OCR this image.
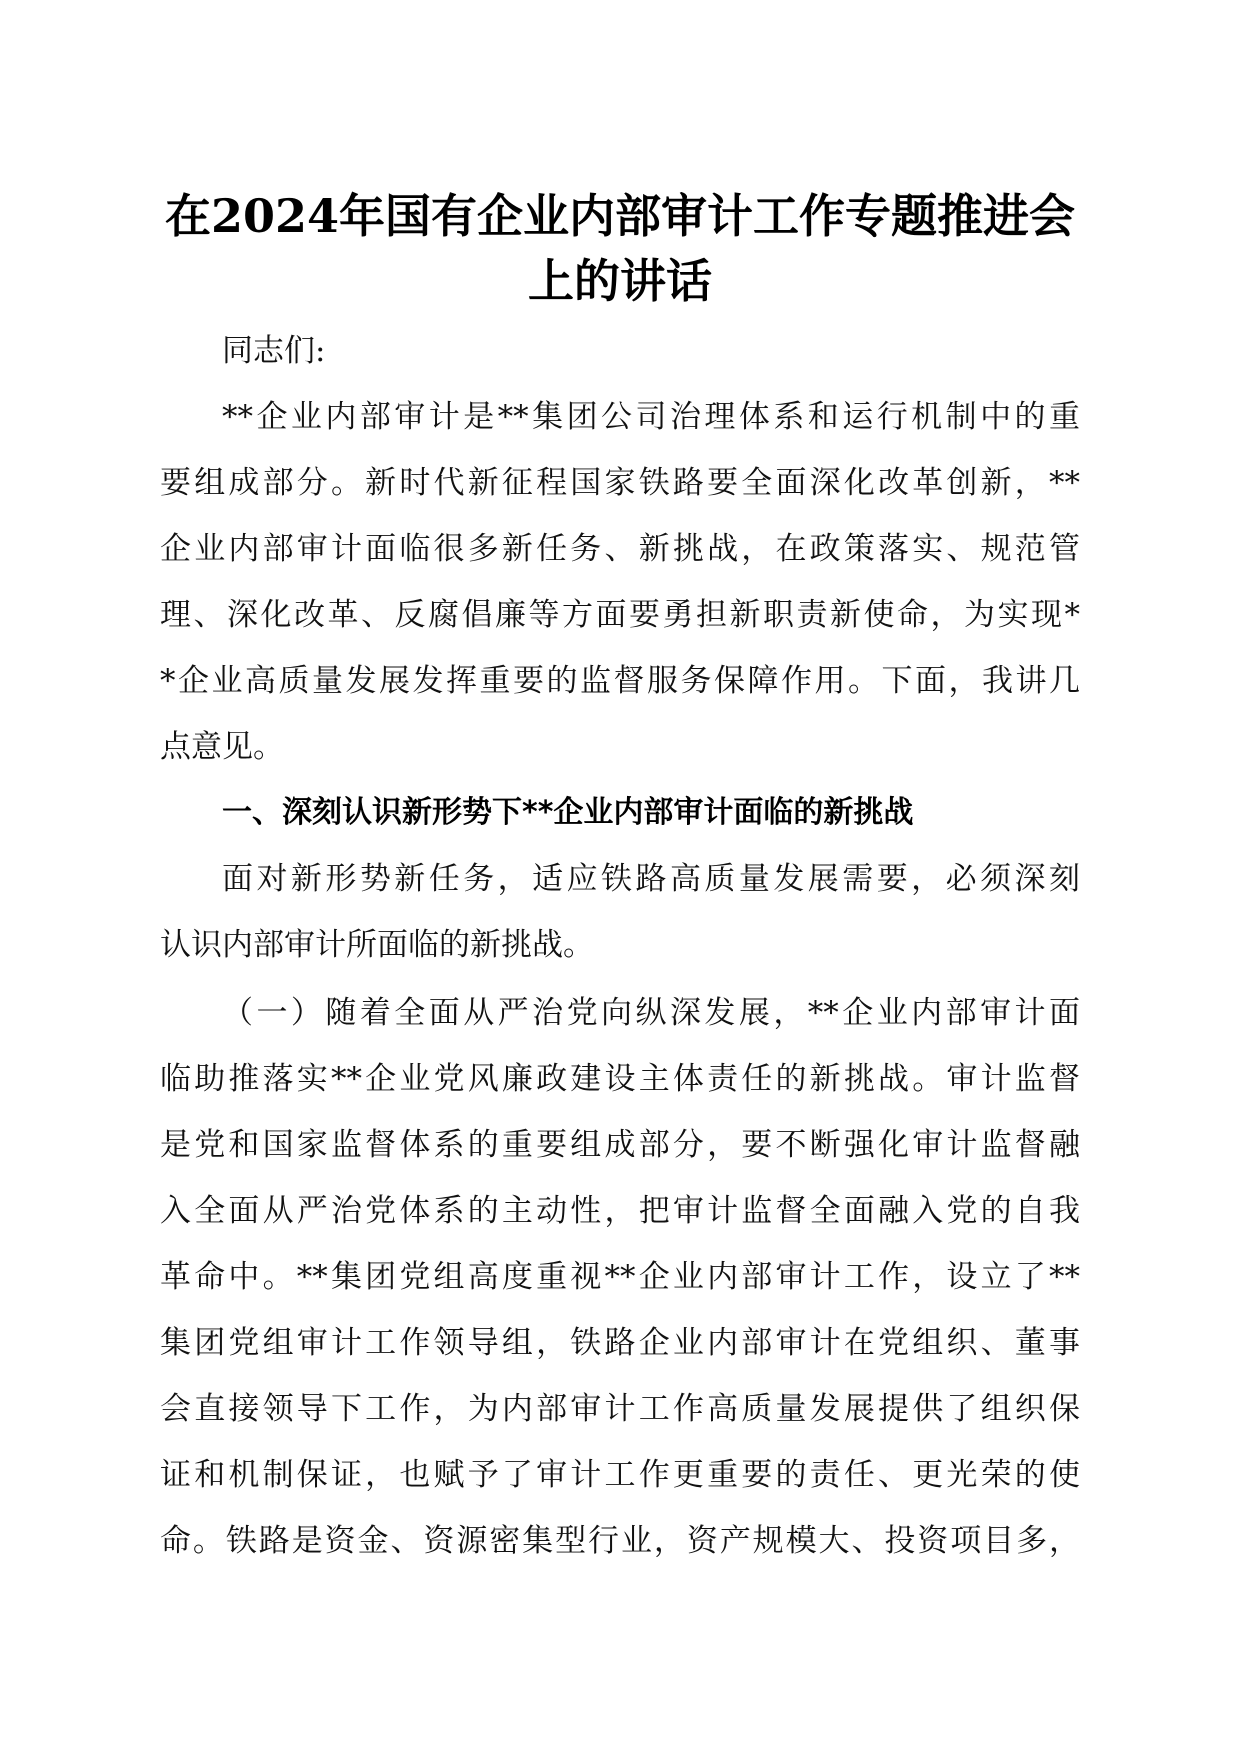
在2024年国有企业内部审计工作专题推进会
上的讲话

同志们:

**企业内部审计是**集团公司治理体系和运行机制中的重

要组成部分。新时代新征程国家铁路要全面深化改革创新，**

企业内部审计面临很多新任务、新挑战，在政策落实、规范管

理、深化改革、反腐倡廉等方面要勇担新职责新使命，为实现*

*企业高质量发展发挥重要的监督服务保障作用。下面，我讲几

点意见。

一、深刻认识新形势下**企业内部审计面临的新挑战

面对新形势新任务，适应铁路高质量发展需要，必须深刻

认识内部审计所面临的新挑战。

（一）随着全面从严治党向纵深发展，**企业内部审计面

临助推落实**企业党风廉政建设主体责任的新挑战。审计监督

是党和国家监督体系的重要组成部分，要不断强化审计监督融

入全面从严治党体系的主动性，把审计监督全面融入党的自我

革命中。**集团党组高度重视**企业内部审计工作，设立了**

集团党组审计工作领导组，铁路企业内部审计在党组织、董事

会直接领导下工作，为内部审计工作高质量发展提供了组织保

证和机制保证，也赋予了审计工作更重要的责任、更光荣的使

命。铁路是资金、资源密集型行业，资产规模大、投资项目多，
